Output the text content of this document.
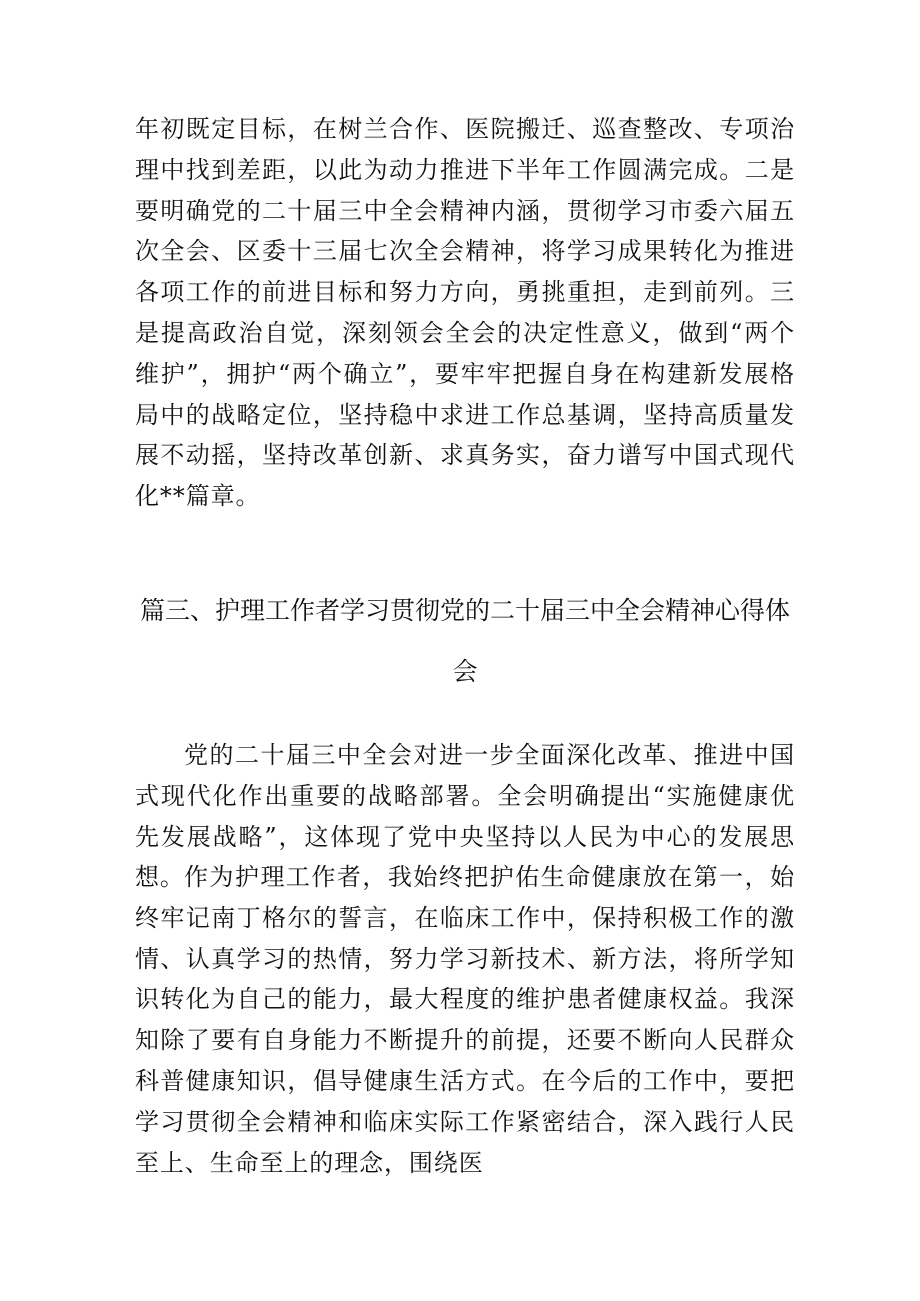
年初既定目标，在树兰合作、医院搬迁、巡查整改、专项治理中找到差距，以此为动力推进下半年工作圆满完成。二是要明确党的二十届三中全会精神内涵，贯彻学习市委六届五次全会、区委十三届七次全会精神，将学习成果转化为推进各项工作的前进目标和努力方向，勇挑重担，走到前列。三是提高政治自觉，深刻领会全会的决定性意义，做到“两个维护”，拥护“两个确立”，要牢牢把握自身在构建新发展格局中的战略定位，坚持稳中求进工作总基调，坚持高质量发展不动摇，坚持改革创新、求真务实，奋力谱写中国式现代化**篇章。

篇三、护理工作者学习贯彻党的二十届三中全会精神心得体会

党的二十届三中全会对进一步全面深化改革、推进中国式现代化作出重要的战略部署。全会明确提出“实施健康优先发展战略”，这体现了党中央坚持以人民为中心的发展思想。 作为护理工作者，我始终把护佑生命健康放在第一，始终牢记南丁格尔的誓言，在临床工作中，保持积极工作的激情、认真学习的热情，努力学习新技术、新方法，将所学知识转化为自己的能力，最大程度的维护患者健康权益。我深知除了要有自身能力不断提升的前提，还要不断向人民群众科普健康知识，倡导健康生活方式。在今后的工作中，要把学习贯彻全会精神和临床实际工作紧密结合，深入践行人民至上、生命至上的理念，围绕医
